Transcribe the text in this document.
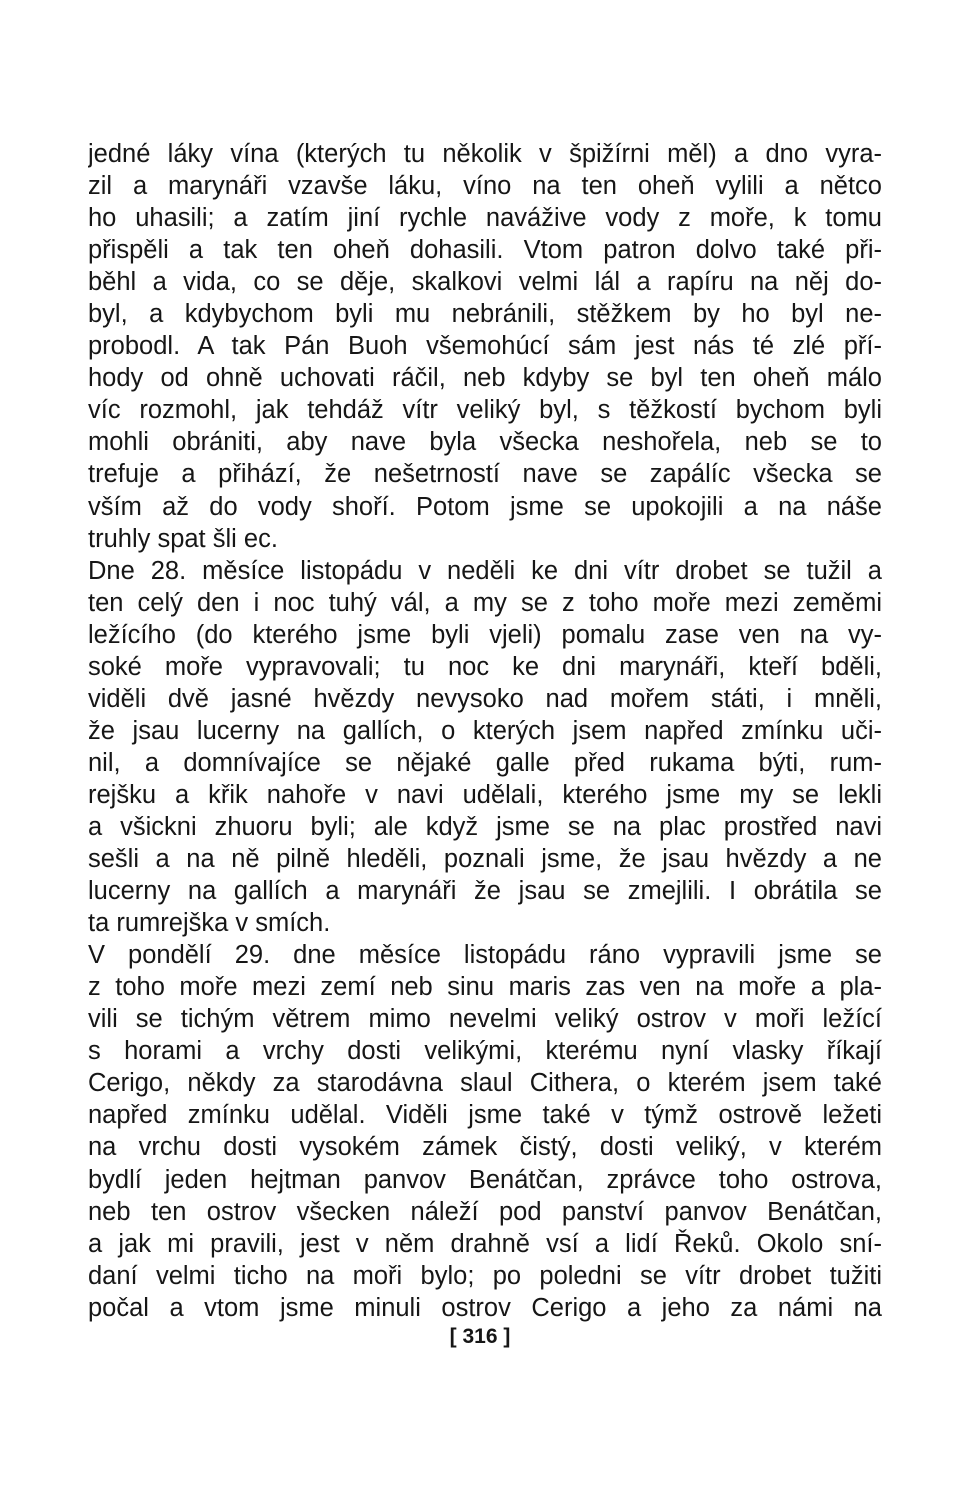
jedné láky vína (kterých tu několik v špižírni měl) a dno vyra-
zil a marynáři vzavše láku, víno na ten oheň vylili a nětco
ho uhasili; a zatím jiní rychle navážive vody z moře, k tomu
přispěli a tak ten oheň dohasili. Vtom patron dolvo také při-
běhl a vida, co se děje, skalkovi velmi lál a rapíru na něj do-
byl, a kdybychom byli mu nebránili, stěžkem by ho byl ne-
probodl. A tak Pán Buoh všemohúcí sám jest nás té zlé pří-
hody od ohně uchovati ráčil, neb kdyby se byl ten oheň málo
víc rozmohl, jak tehdáž vítr veliký byl, s těžkostí bychom byli
mohli obrániti, aby nave byla všecka neshořela, neb se to
trefuje a přihází, že nešetrností nave se zapálíc všecka se
vším až do vody shoří. Potom jsme se upokojili a na náše
truhly spat šli ec.
Dne 28. měsíce listopádu v neděli ke dni vítr drobet se tužil a
ten celý den i noc tuhý vál, a my se z toho moře mezi zeměmi
ležícího (do kterého jsme byli vjeli) pomalu zase ven na vy-
soké moře vypravovali; tu noc ke dni marynáři, kteří bděli,
viděli dvě jasné hvězdy nevysoko nad mořem státi, i mněli,
že jsau lucerny na gallích, o kterých jsem napřed zmínku uči-
nil, a domnívajíce se nějaké galle před rukama býti, rum-
rejšku a křik nahoře v navi udělali, kterého jsme my se lekli
a všickni zhuoru byli; ale když jsme se na plac prostřed navi
sešli a na ně pilně hleděli, poznali jsme, že jsau hvězdy a ne
lucerny na gallích a marynáři že jsau se zmejlili. I obrátila se
ta rumrejška v smích.
V pondělí 29. dne měsíce listopádu ráno vypravili jsme se
z toho moře mezi zemí neb sinu maris zas ven na moře a pla-
vili se tichým větrem mimo nevelmi veliký ostrov v moři ležící
s horami a vrchy dosti velikými, kterému nyní vlasky říkají
Cerigo, někdy za starodávna slaul Cithera, o kterém jsem také
napřed zmínku udělal. Viděli jsme také v týmž ostrově ležeti
na vrchu dosti vysokém zámek čistý, dosti veliký, v kterém
bydlí jeden hejtman panvov Benátčan, zprávce toho ostrova,
neb ten ostrov všecken náleží pod panství panvov Benátčan,
a jak mi pravili, jest v něm drahně vsí a lidí Řeků. Okolo sní-
daní velmi ticho na moři bylo; po poledni se vítr drobet tužiti
počal a vtom jsme minuli ostrov Cerigo a jeho za námi na
[ 316 ]
